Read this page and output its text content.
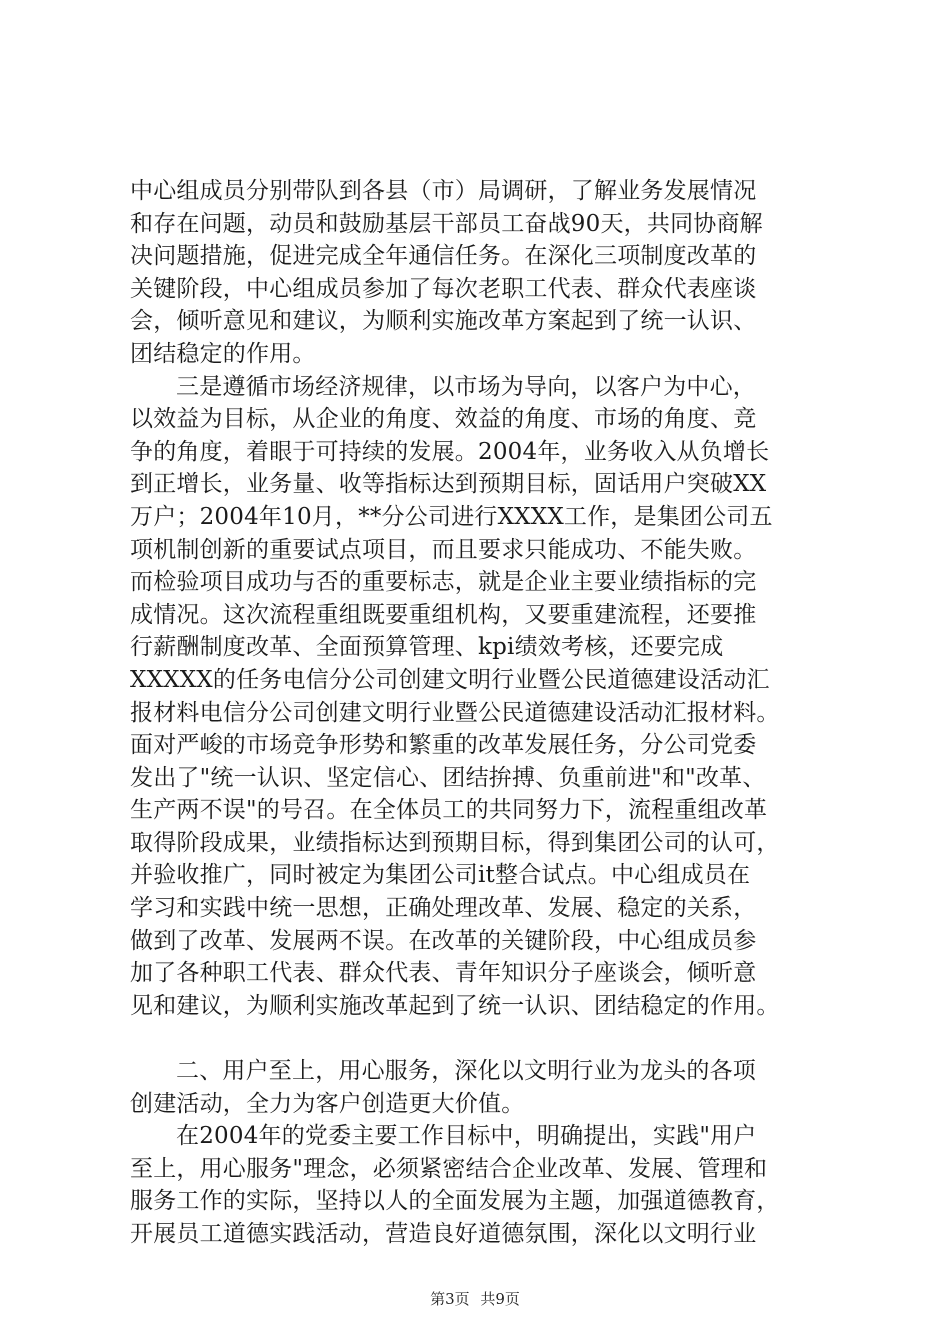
中心组成员分别带队到各县（市）局调研，了解业务发展情况
和存在问题，动员和鼓励基层干部员工奋战90天，共同协商解
决问题措施，促进完成全年通信任务。在深化三项制度改革的
关键阶段，中心组成员参加了每次老职工代表、群众代表座谈
会，倾听意见和建议，为顺利实施改革方案起到了统一认识、
团结稳定的作用。
三是遵循市场经济规律，以市场为导向，以客户为中心，
以效益为目标，从企业的角度、效益的角度、市场的角度、竞
争的角度，着眼于可持续的发展。2004年，业务收入从负增长
到正增长，业务量、收等指标达到预期目标，固话用户突破XX
万户；2004年10月，**分公司进行XXXX工作，是集团公司五
项机制创新的重要试点项目，而且要求只能成功、不能失败。
而检验项目成功与否的重要标志，就是企业主要业绩指标的完
成情况。这次流程重组既要重组机构，又要重建流程，还要推
行薪酬制度改革、全面预算管理、kpi绩效考核，还要完成
XXXXX的任务电信分公司创建文明行业暨公民道德建设活动汇
报材料电信分公司创建文明行业暨公民道德建设活动汇报材料。
面对严峻的市场竞争形势和繁重的改革发展任务，分公司党委
发出了"统一认识、坚定信心、团结拚搏、负重前进"和"改革、
生产两不误"的号召。在全体员工的共同努力下，流程重组改革
取得阶段成果，业绩指标达到预期目标，得到集团公司的认可，
并验收推广，同时被定为集团公司it整合试点。中心组成员在
学习和实践中统一思想，正确处理改革、发展、稳定的关系，
做到了改革、发展两不误。在改革的关键阶段，中心组成员参
加了各种职工代表、群众代表、青年知识分子座谈会，倾听意
见和建议，为顺利实施改革起到了统一认识、团结稳定的作用。
二、用户至上，用心服务，深化以文明行业为龙头的各项
创建活动，全力为客户创造更大价值。
在2004年的党委主要工作目标中，明确提出，实践"用户
至上，用心服务"理念，必须紧密结合企业改革、发展、管理和
服务工作的实际，坚持以人的全面发展为主题，加强道德教育，
开展员工道德实践活动，营造良好道德氛围，深化以文明行业
第3页 共9页
